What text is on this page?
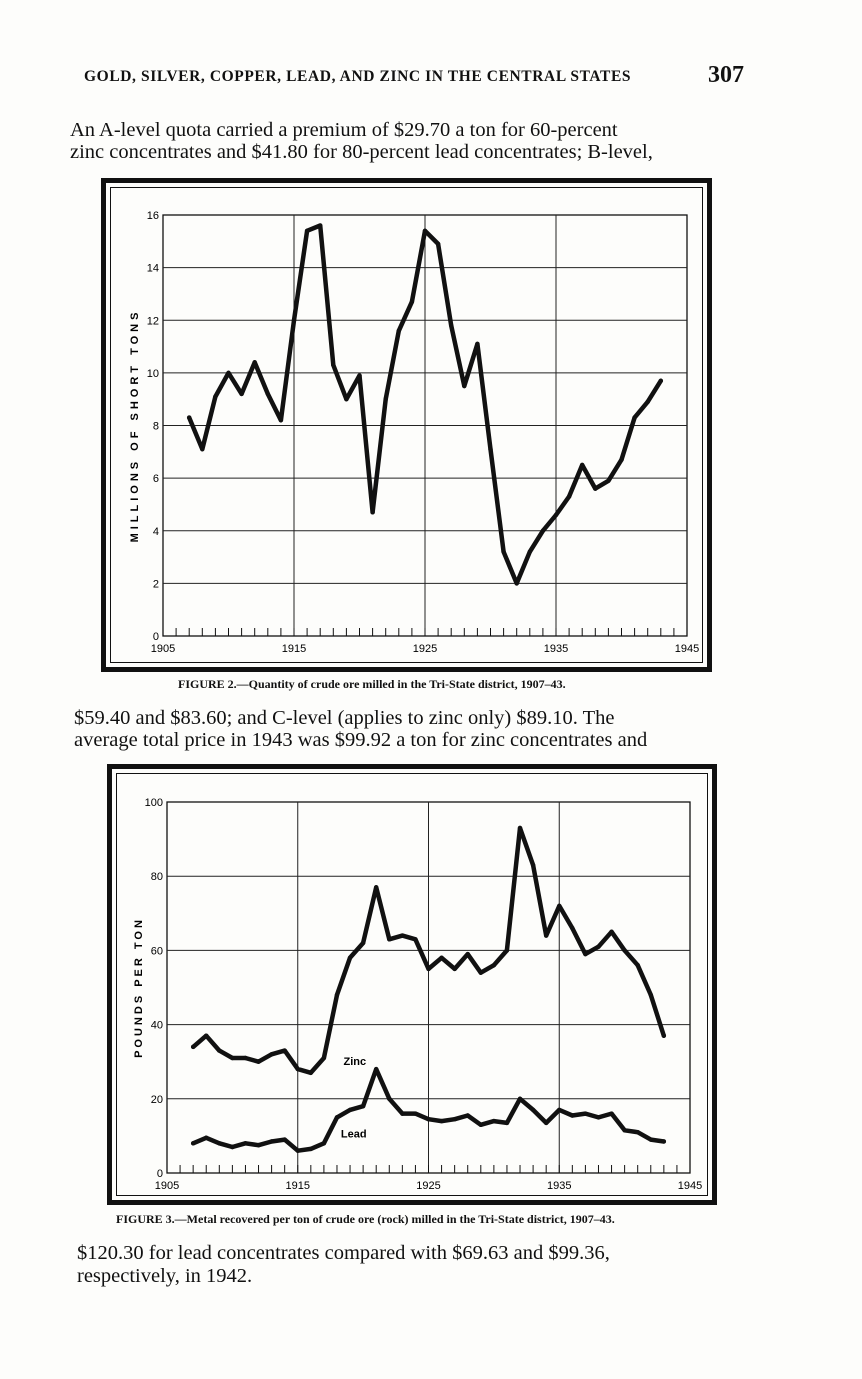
GOLD, SILVER, COPPER, LEAD, AND ZINC IN THE CENTRAL STATES	307
An A-level quota carried a premium of $29.70 a ton for 60-percent
zinc concentrates and $41.80 for 80-percent lead concentrates; B-level,
0
2
4
6
8
10
12
14
16
1905	1915	1925	1935	1945
MILLIONS OF SHORT TONS
FIGURE 2.—Quantity of crude ore milled in the Tri-State district, 1907–43.
$59.40 and $83.60; and C-level (applies to zinc only) $89.10. The
average total price in 1943 was $99.92 a ton for zinc concentrates and
0
20
40
60
80
100
1905	1915	1925	1935	1945
POUNDS PER TON
Zinc
Lead
FIGURE 3.—Metal recovered per ton of crude ore (rock) milled in the Tri-State district, 1907–43.
$120.30 for lead concentrates compared with $69.63 and $99.36,
respectively, in 1942.
